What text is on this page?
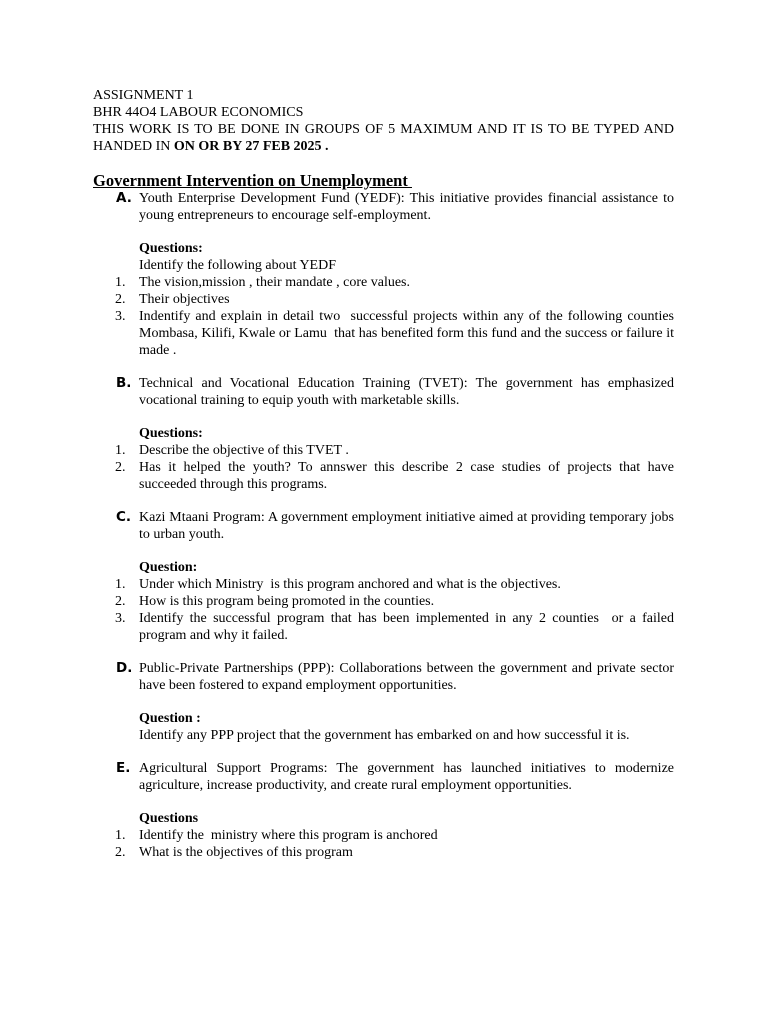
ASSIGNMENT 1

BHR 44O4 LABOUR ECONOMICS

THIS WORK IS TO BE DONE IN GROUPS OF 5 MAXIMUM AND IT IS TO BE TYPED AND HANDED IN ON OR BY 27 FEB 2025 .

Government Intervention on Unemployment
A. Youth Enterprise Development Fund (YEDF): This initiative provides financial assistance to young entrepreneurs to encourage self-employment.

Questions:

Identify the following about YEDF

1. The vision,mission , their mandate , core values.
2. Their objectives
3. Indentify and explain in detail two  successful projects within any of the following counties  Mombasa, Kilifi, Kwale or Lamu  that has benefited form this fund and the success or failure it made .
B. Technical and Vocational Education Training (TVET): The government has emphasized vocational training to equip youth with marketable skills.

Questions:

1. Describe the objective of this TVET .
2. Has it helped the youth? To annswer this describe 2 case studies of projects that have succeeded through this programs.
C. Kazi Mtaani Program: A government employment initiative aimed at providing temporary jobs to urban youth.

Question:

1. Under which Ministry  is this program anchored and what is the objectives.
2. How is this program being promoted in the counties.
3. Identify the successful program that has been implemented in any 2 counties  or a failed program and why it failed.
D. Public-Private Partnerships (PPP): Collaborations between the government and private sector have been fostered to expand employment opportunities.

Question :

Identify any PPP project that the government has embarked on and how successful it is.

E. Agricultural Support Programs: The government has launched initiatives to modernize agriculture, increase productivity, and create rural employment opportunities.

Questions

1. Identify the  ministry where this program is anchored
2. What is the objectives of this program
